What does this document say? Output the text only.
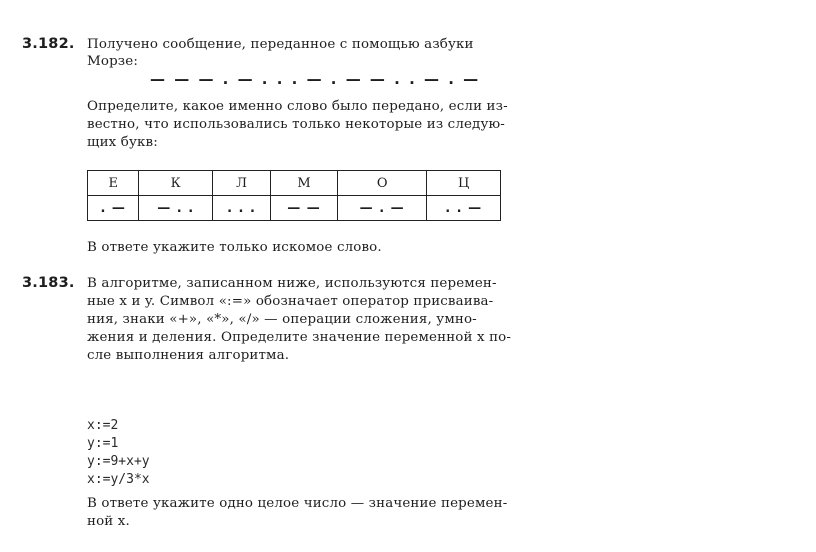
3.182. Получено сообщение, переданное с помощью азбуки
Морзе:
— — — . — . . . — . — — . . — . —
Определите, какое именно слово было передано, если из-
вестно, что использовались только некоторые из следую-
щих букв:
Е	К	Л	М	О	Ц
. —	— . .	. . .	— —	— . —	. . —
В ответе укажите только искомое слово.
3.183. В алгоритме, записанном ниже, используются перемен-
ные x и y. Символ «:=» обозначает оператор присваива-
ния, знаки «+», «*», «/» — операции сложения, умно-
жения и деления. Определите значение переменной x по-
сле выполнения алгоритма.
x:=2
y:=1
y:=9+x+y
x:=y/3*x
В ответе укажите одно целое число — значение перемен-
ной x.
